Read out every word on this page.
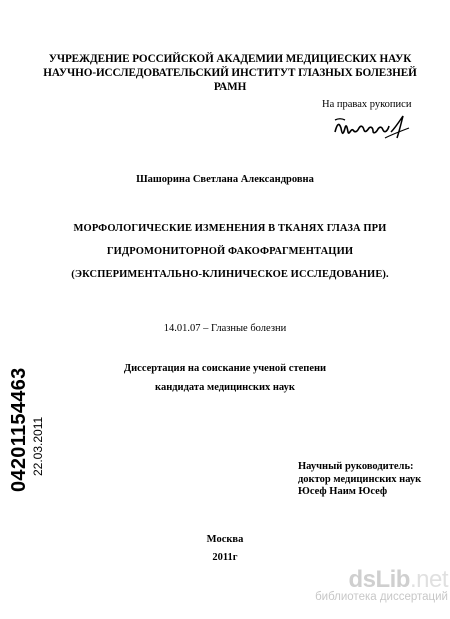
УЧРЕЖДЕНИЕ РОССИЙСКОЙ АКАДЕМИИ МЕДИЦИЕСКИХ НАУК
НАУЧНО-ИССЛЕДОВАТЕЛЬСКИЙ ИНСТИТУТ ГЛАЗНЫХ БОЛЕЗНЕЙ
РАМН
На правах рукописи
Шашорина Светлана Александровна
МОРФОЛОГИЧЕСКИЕ ИЗМЕНЕНИЯ В ТКАНЯХ ГЛАЗА ПРИ
ГИДРОМОНИТОРНОЙ ФАКОФРАГМЕНТАЦИИ
(ЭКСПЕРИМЕНТАЛЬНО-КЛИНИЧЕСКОЕ ИССЛЕДОВАНИЕ).
14.01.07 – Глазные болезни
Диссертация на соискание ученой степени
кандидата медицинских наук
04201154463 22.03.2011	Научный руководитель:
доктор медицинских наук
Юсеф Наим Юсеф
Москва
2011г
dsLib.net
библиотека диссертаций
